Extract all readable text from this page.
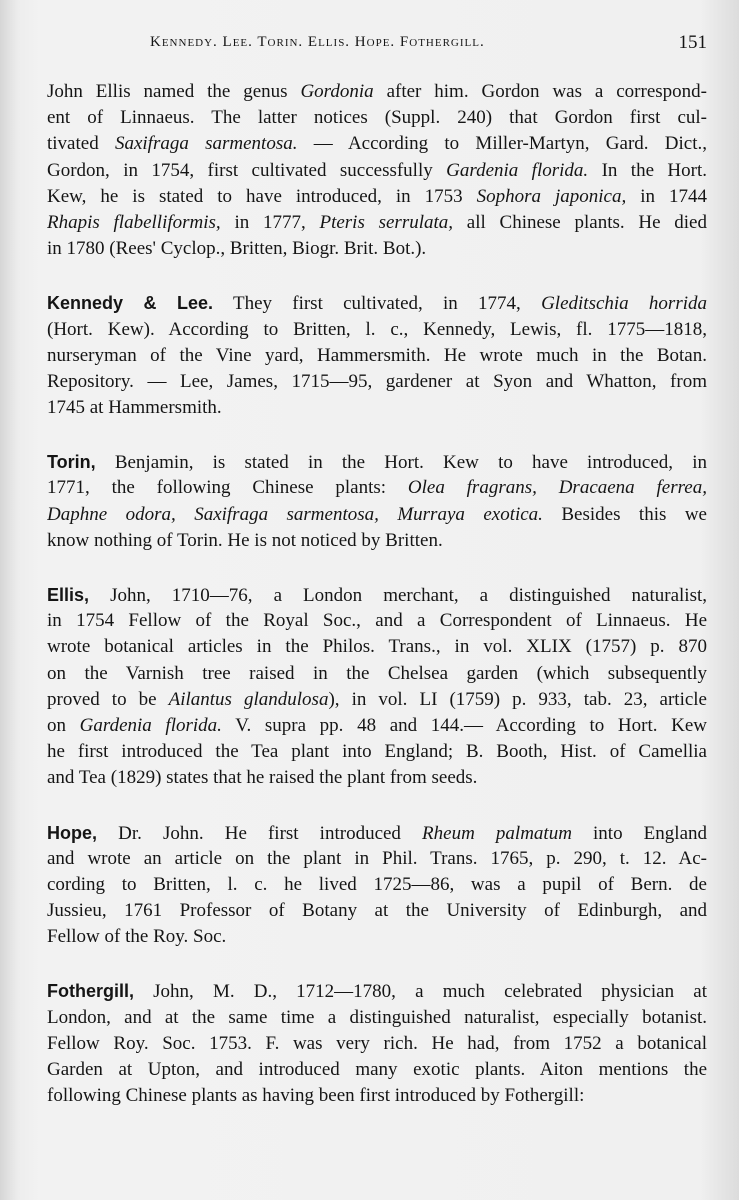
Kennedy. Lee. Torin. Ellis. Hope. Fothergill.	151
John Ellis named the genus Gordonia after him. Gordon was a correspond-
ent of Linnaeus. The latter notices (Suppl. 240) that Gordon first cul-
tivated Saxifraga sarmentosa. — According to Miller-Martyn, Gard. Dict.,
Gordon, in 1754, first cultivated successfully Gardenia florida. In the Hort.
Kew, he is stated to have introduced, in 1753 Sophora japonica, in 1744
Rhapis flabelliformis, in 1777, Pteris serrulata, all Chinese plants. He died
in 1780 (Rees' Cyclop., Britten, Biogr. Brit. Bot.).
Kennedy & Lee. They first cultivated, in 1774, Gleditschia horrida
(Hort. Kew). According to Britten, l. c., Kennedy, Lewis, fl. 1775—1818,
nurseryman of the Vine yard, Hammersmith. He wrote much in the Botan.
Repository. — Lee, James, 1715—95, gardener at Syon and Whatton, from
1745 at Hammersmith.
Torin, Benjamin, is stated in the Hort. Kew to have introduced, in
1771, the following Chinese plants: Olea fragrans, Dracaena ferrea,
Daphne odora, Saxifraga sarmentosa, Murraya exotica. Besides this we
know nothing of Torin. He is not noticed by Britten.
Ellis, John, 1710—76, a London merchant, a distinguished naturalist,
in 1754 Fellow of the Royal Soc., and a Correspondent of Linnaeus. He
wrote botanical articles in the Philos. Trans., in vol. XLIX (1757) p. 870
on the Varnish tree raised in the Chelsea garden (which subsequently
proved to be Ailantus glandulosa), in vol. LI (1759) p. 933, tab. 23, article
on Gardenia florida. V. supra pp. 48 and 144.— According to Hort. Kew
he first introduced the Tea plant into England; B. Booth, Hist. of Camellia
and Tea (1829) states that he raised the plant from seeds.
Hope, Dr. John. He first introduced Rheum palmatum into England
and wrote an article on the plant in Phil. Trans. 1765, p. 290, t. 12. Ac-
cording to Britten, l. c. he lived 1725—86, was a pupil of Bern. de
Jussieu, 1761 Professor of Botany at the University of Edinburgh, and
Fellow of the Roy. Soc.
Fothergill, John, M. D., 1712—1780, a much celebrated physician at
London, and at the same time a distinguished naturalist, especially botanist.
Fellow Roy. Soc. 1753. F. was very rich. He had, from 1752 a botanical
Garden at Upton, and introduced many exotic plants. Aiton mentions the
following Chinese plants as having been first introduced by Fothergill:
